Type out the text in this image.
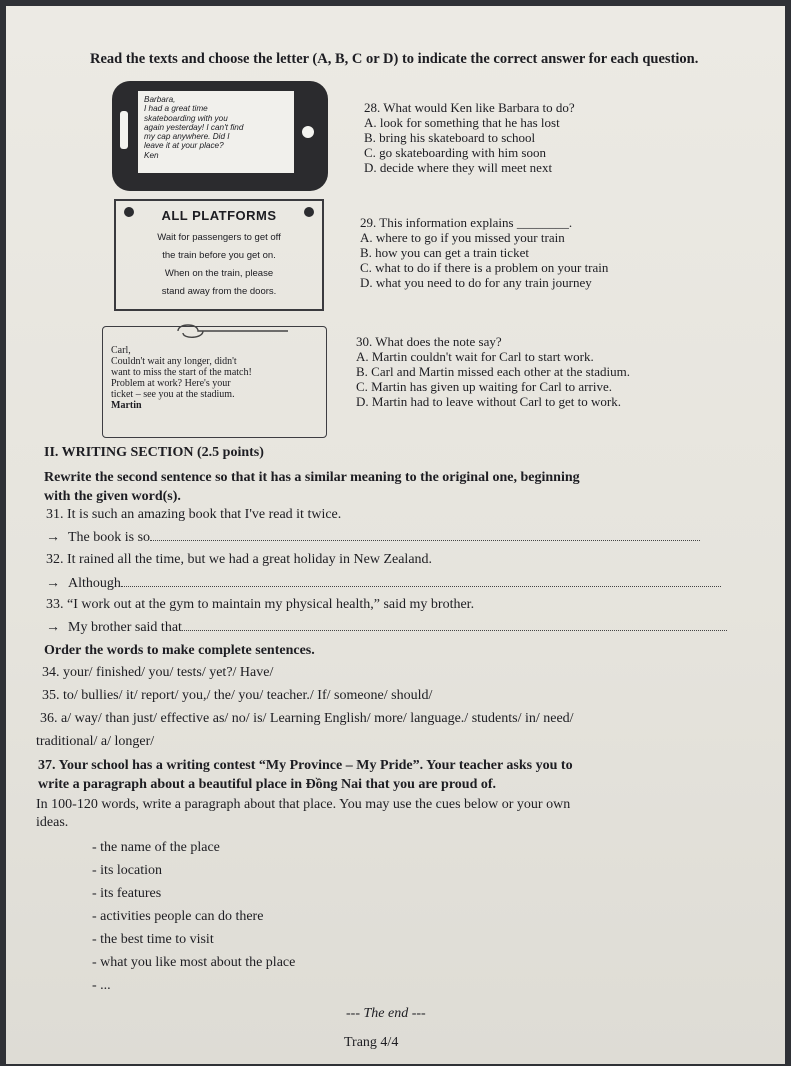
Read the texts and choose the letter (A, B, C or D) to indicate the correct answer for each question.
Barbara,
I had a great time
skateboarding with you
again yesterday! I can't find
my cap anywhere. Did I
leave it at your place?
Ken
ALL PLATFORMS
Wait for passengers to get off
the train before you get on.
When on the train, please
stand away from the doors.
Carl,
Couldn't wait any longer, didn't
want to miss the start of the match!
Problem at work? Here's your
ticket – see you at the stadium.
Martin
28. What would Ken like Barbara to do?
A. look for something that he has lost
B. bring his skateboard to school
C. go skateboarding with him soon
D. decide where they will meet next
29. This information explains ________.
A. where to go if you missed your train
B. how you can get a train ticket
C. what to do if there is a problem on your train
D. what you need to do for any train journey
30. What does the note say?
A. Martin couldn't wait for Carl to start work.
B. Carl and Martin missed each other at the stadium.
C. Martin has given up waiting for Carl to arrive.
D. Martin had to leave without Carl to get to work.
II. WRITING SECTION (2.5 points)
Rewrite the second sentence so that it has a similar meaning to the original one, beginning
with the given word(s).
31. It is such an amazing book that I've read it twice.
→ The book is so
32. It rained all the time, but we had a great holiday in New Zealand.
→ Although
33. “I work out at the gym to maintain my physical health,” said my brother.
→ My brother said that
Order the words to make complete sentences.
34. your/ finished/ you/ tests/ yet?/ Have/
35. to/ bullies/ it/ report/ you,/ the/ you/ teacher./ If/ someone/ should/
36. a/ way/ than just/ effective as/ no/ is/ Learning English/ more/ language./ students/ in/ need/
traditional/ a/ longer/
37. Your school has a writing contest “My Province – My Pride”. Your teacher asks you to
write a paragraph about a beautiful place in Đồng Nai that you are proud of.
In 100-120 words, write a paragraph about that place. You may use the cues below or your own
ideas.
- the name of the place
- its location
- its features
- activities people can do there
- the best time to visit
- what you like most about the place
- ...
--- The end ---
Trang 4/4
